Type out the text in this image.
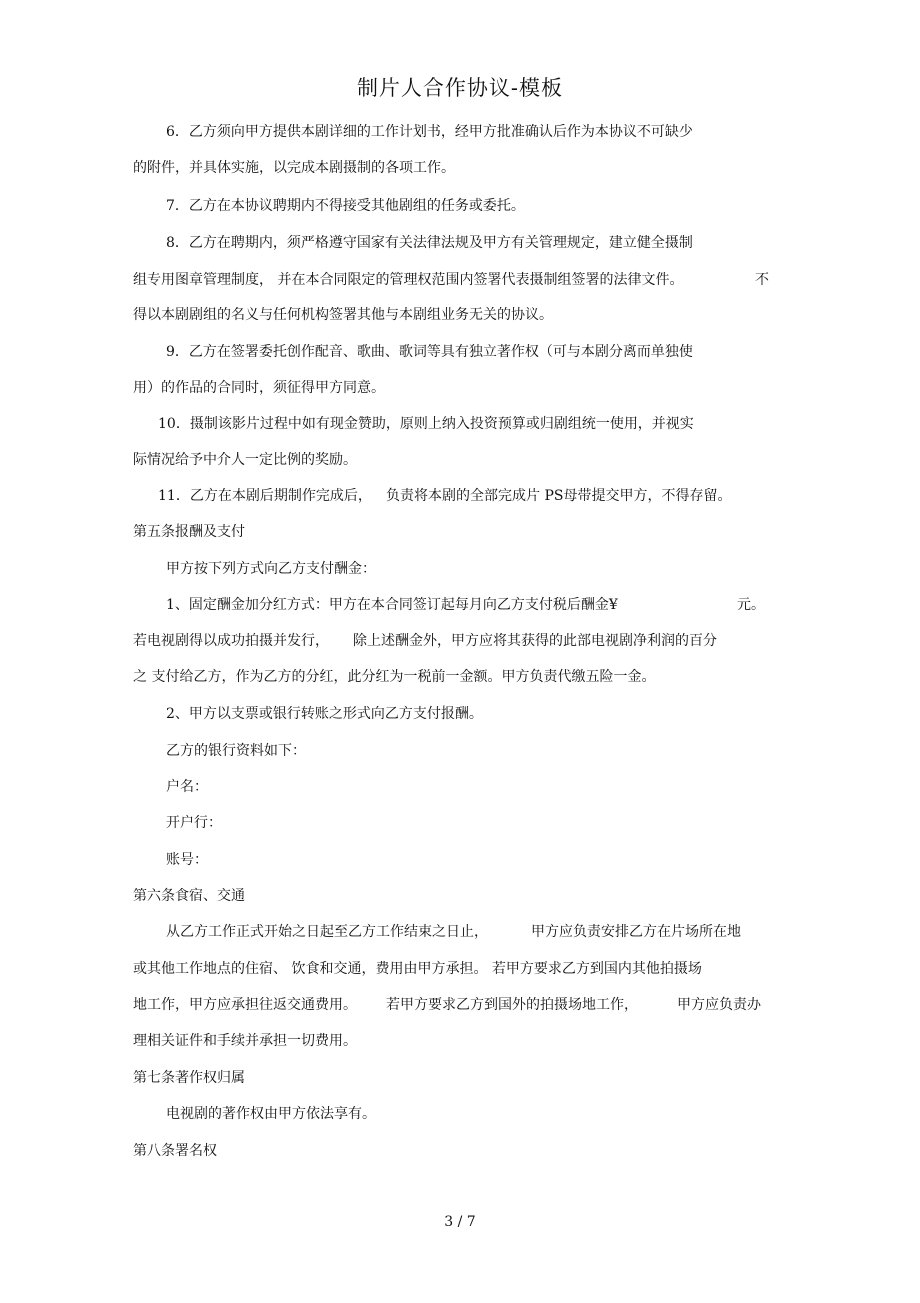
制片人合作协议-模板
6．乙方须向甲方提供本剧详细的工作计划书，经甲方批准确认后作为本协议不可缺少
的附件，并具体实施，以完成本剧摄制的各项工作。
7．乙方在本协议聘期内不得接受其他剧组的任务或委托。
8．乙方在聘期内，须严格遵守国家有关法律法规及甲方有关管理规定，建立健全摄制
组专用图章管理制度， 并在本合同限定的管理权范围内签署代表摄制组签署的法律文件。	不
得以本剧剧组的名义与任何机构签署其他与本剧组业务无关的协议。
9．乙方在签署委托创作配音、歌曲、歌词等具有独立著作权（可与本剧分离而单独使
用）的作品的合同时，须征得甲方同意。
10．摄制该影片过程中如有现金赞助，原则上纳入投资预算或归剧组统一使用，并视实
际情况给予中介人一定比例的奖励。
11．乙方在本剧后期制作完成后， 负责将本剧的全部完成片 PS母带提交甲方，不得存留。
第五条报酬及支付
甲方按下列方式向乙方支付酬金：
1、固定酬金加分红方式：甲方在本合同签订起每月向乙方支付税后酬金¥	元。
若电视剧得以成功拍摄并发行， 除上述酬金外，甲方应将其获得的此部电视剧净利润的百分
之 支付给乙方，作为乙方的分红，此分红为一税前一金额。甲方负责代缴五险一金。
2、甲方以支票或银行转账之形式向乙方支付报酬。
乙方的银行资料如下：
户名：
开户行：
账号：
第六条食宿、交通
从乙方工作正式开始之日起至乙方工作结束之日止，	甲方应负责安排乙方在片场所在地
或其他工作地点的住宿、 饮食和交通，费用由甲方承担。 若甲方要求乙方到国内其他拍摄场
地工作，甲方应承担往返交通费用。 若甲方要求乙方到国外的拍摄场地工作，	甲方应负责办
理相关证件和手续并承担一切费用。
第七条著作权归属
电视剧的著作权由甲方依法享有。
第八条署名权
3 / 7
